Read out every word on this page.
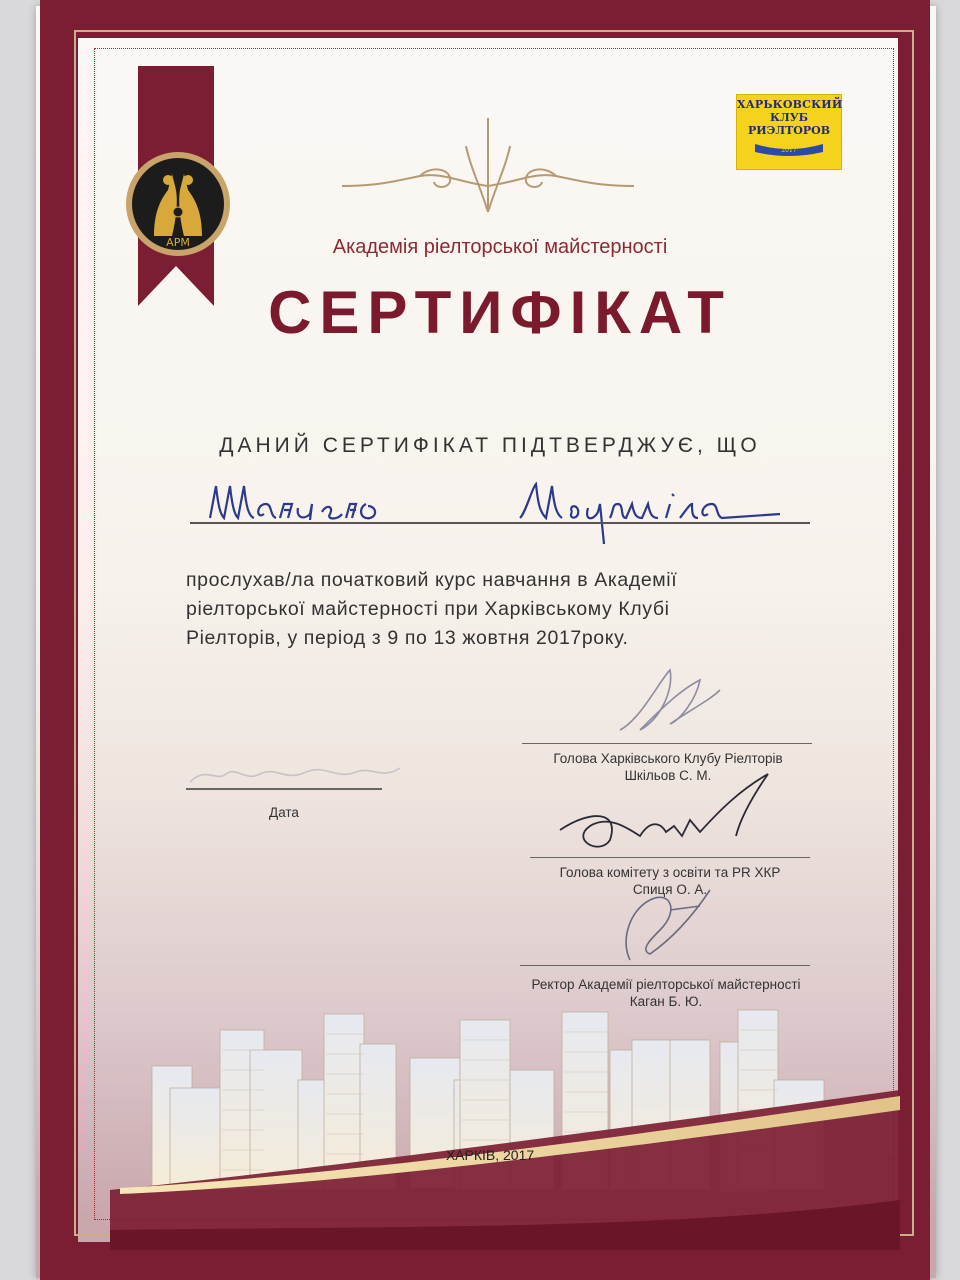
АРМ
ХАРЬКОВСКИЙ
КЛУБ
РИЭЛТОРОВ
2017
Академія ріелторської майстерності
СЕРТИФІКАТ
ДАНИЙ СЕРТИФІКАТ ПІДТВЕРДЖУЄ, ЩО
прослухав/ла початковий курс навчання в Академії
ріелторської майстерності при Харківському Клубі
Ріелторів, у період з 9 по 13 жовтня 2017року.
Голова Харківського Клубу Ріелторів
Шкільов С. М.
Голова комітету з освіти та PR ХКР
Спиця О. А.
Ректор Академії ріелторської майстерності
Каган Б. Ю.
Дата
ХАРКІВ, 2017
